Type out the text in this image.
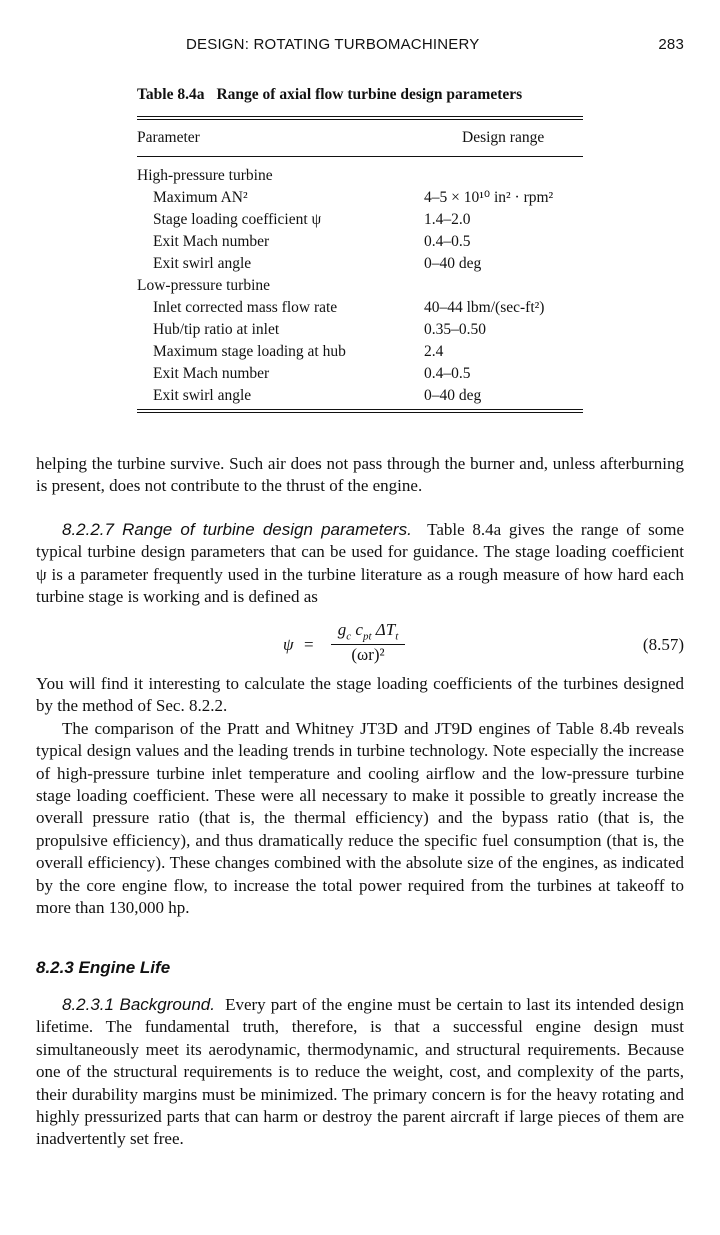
DESIGN: ROTATING TURBOMACHINERY	283
Table 8.4a Range of axial flow turbine design parameters
Parameter	Design range
High-pressure turbine
Maximum AN²	4–5 × 10¹⁰ in² · rpm²
Stage loading coefficient ψ	1.4–2.0
Exit Mach number	0.4–0.5
Exit swirl angle	0–40 deg
Low-pressure turbine
Inlet corrected mass flow rate	40–44 lbm/(sec-ft²)
Hub/tip ratio at inlet	0.35–0.50
Maximum stage loading at hub	2.4
Exit Mach number	0.4–0.5
Exit swirl angle	0–40 deg

helping the turbine survive. Such air does not pass through the burner and, unless afterburning is present, does not contribute to the thrust of the engine.

8.2.2.7 Range of turbine design parameters. Table 8.4a gives the range of some typical turbine design parameters that can be used for guidance. The stage loading coefficient ψ is a parameter frequently used in the turbine literature as a rough measure of how hard each turbine stage is working and is defined as

ψ =
$g_c$ $c_{pt}$ $\Delta T_t$
(ωr)²
(8.57)

You will find it interesting to calculate the stage loading coefficients of the turbines designed by the method of Sec. 8.2.2.

The comparison of the Pratt and Whitney JT3D and JT9D engines of Table 8.4b reveals typical design values and the leading trends in turbine technology. Note especially the increase of high-pressure turbine inlet temperature and cooling airflow and the low-pressure turbine stage loading coefficient. These were all necessary to make it possible to greatly increase the overall pressure ratio (that is, the thermal efficiency) and the bypass ratio (that is, the propulsive efficiency), and thus dramatically reduce the specific fuel consumption (that is, the overall efficiency). These changes combined with the absolute size of the engines, as indicated by the core engine flow, to increase the total power required from the turbines at takeoff to more than 130,000 hp.

8.2.3 Engine Life

8.2.3.1 Background. Every part of the engine must be certain to last its intended design lifetime. The fundamental truth, therefore, is that a successful engine design must simultaneously meet its aerodynamic, thermodynamic, and structural requirements. Because one of the structural requirements is to reduce the weight, cost, and complexity of the parts, their durability margins must be minimized. The primary concern is for the heavy rotating and highly pressurized parts that can harm or destroy the parent aircraft if large pieces of them are inadvertently set free.
